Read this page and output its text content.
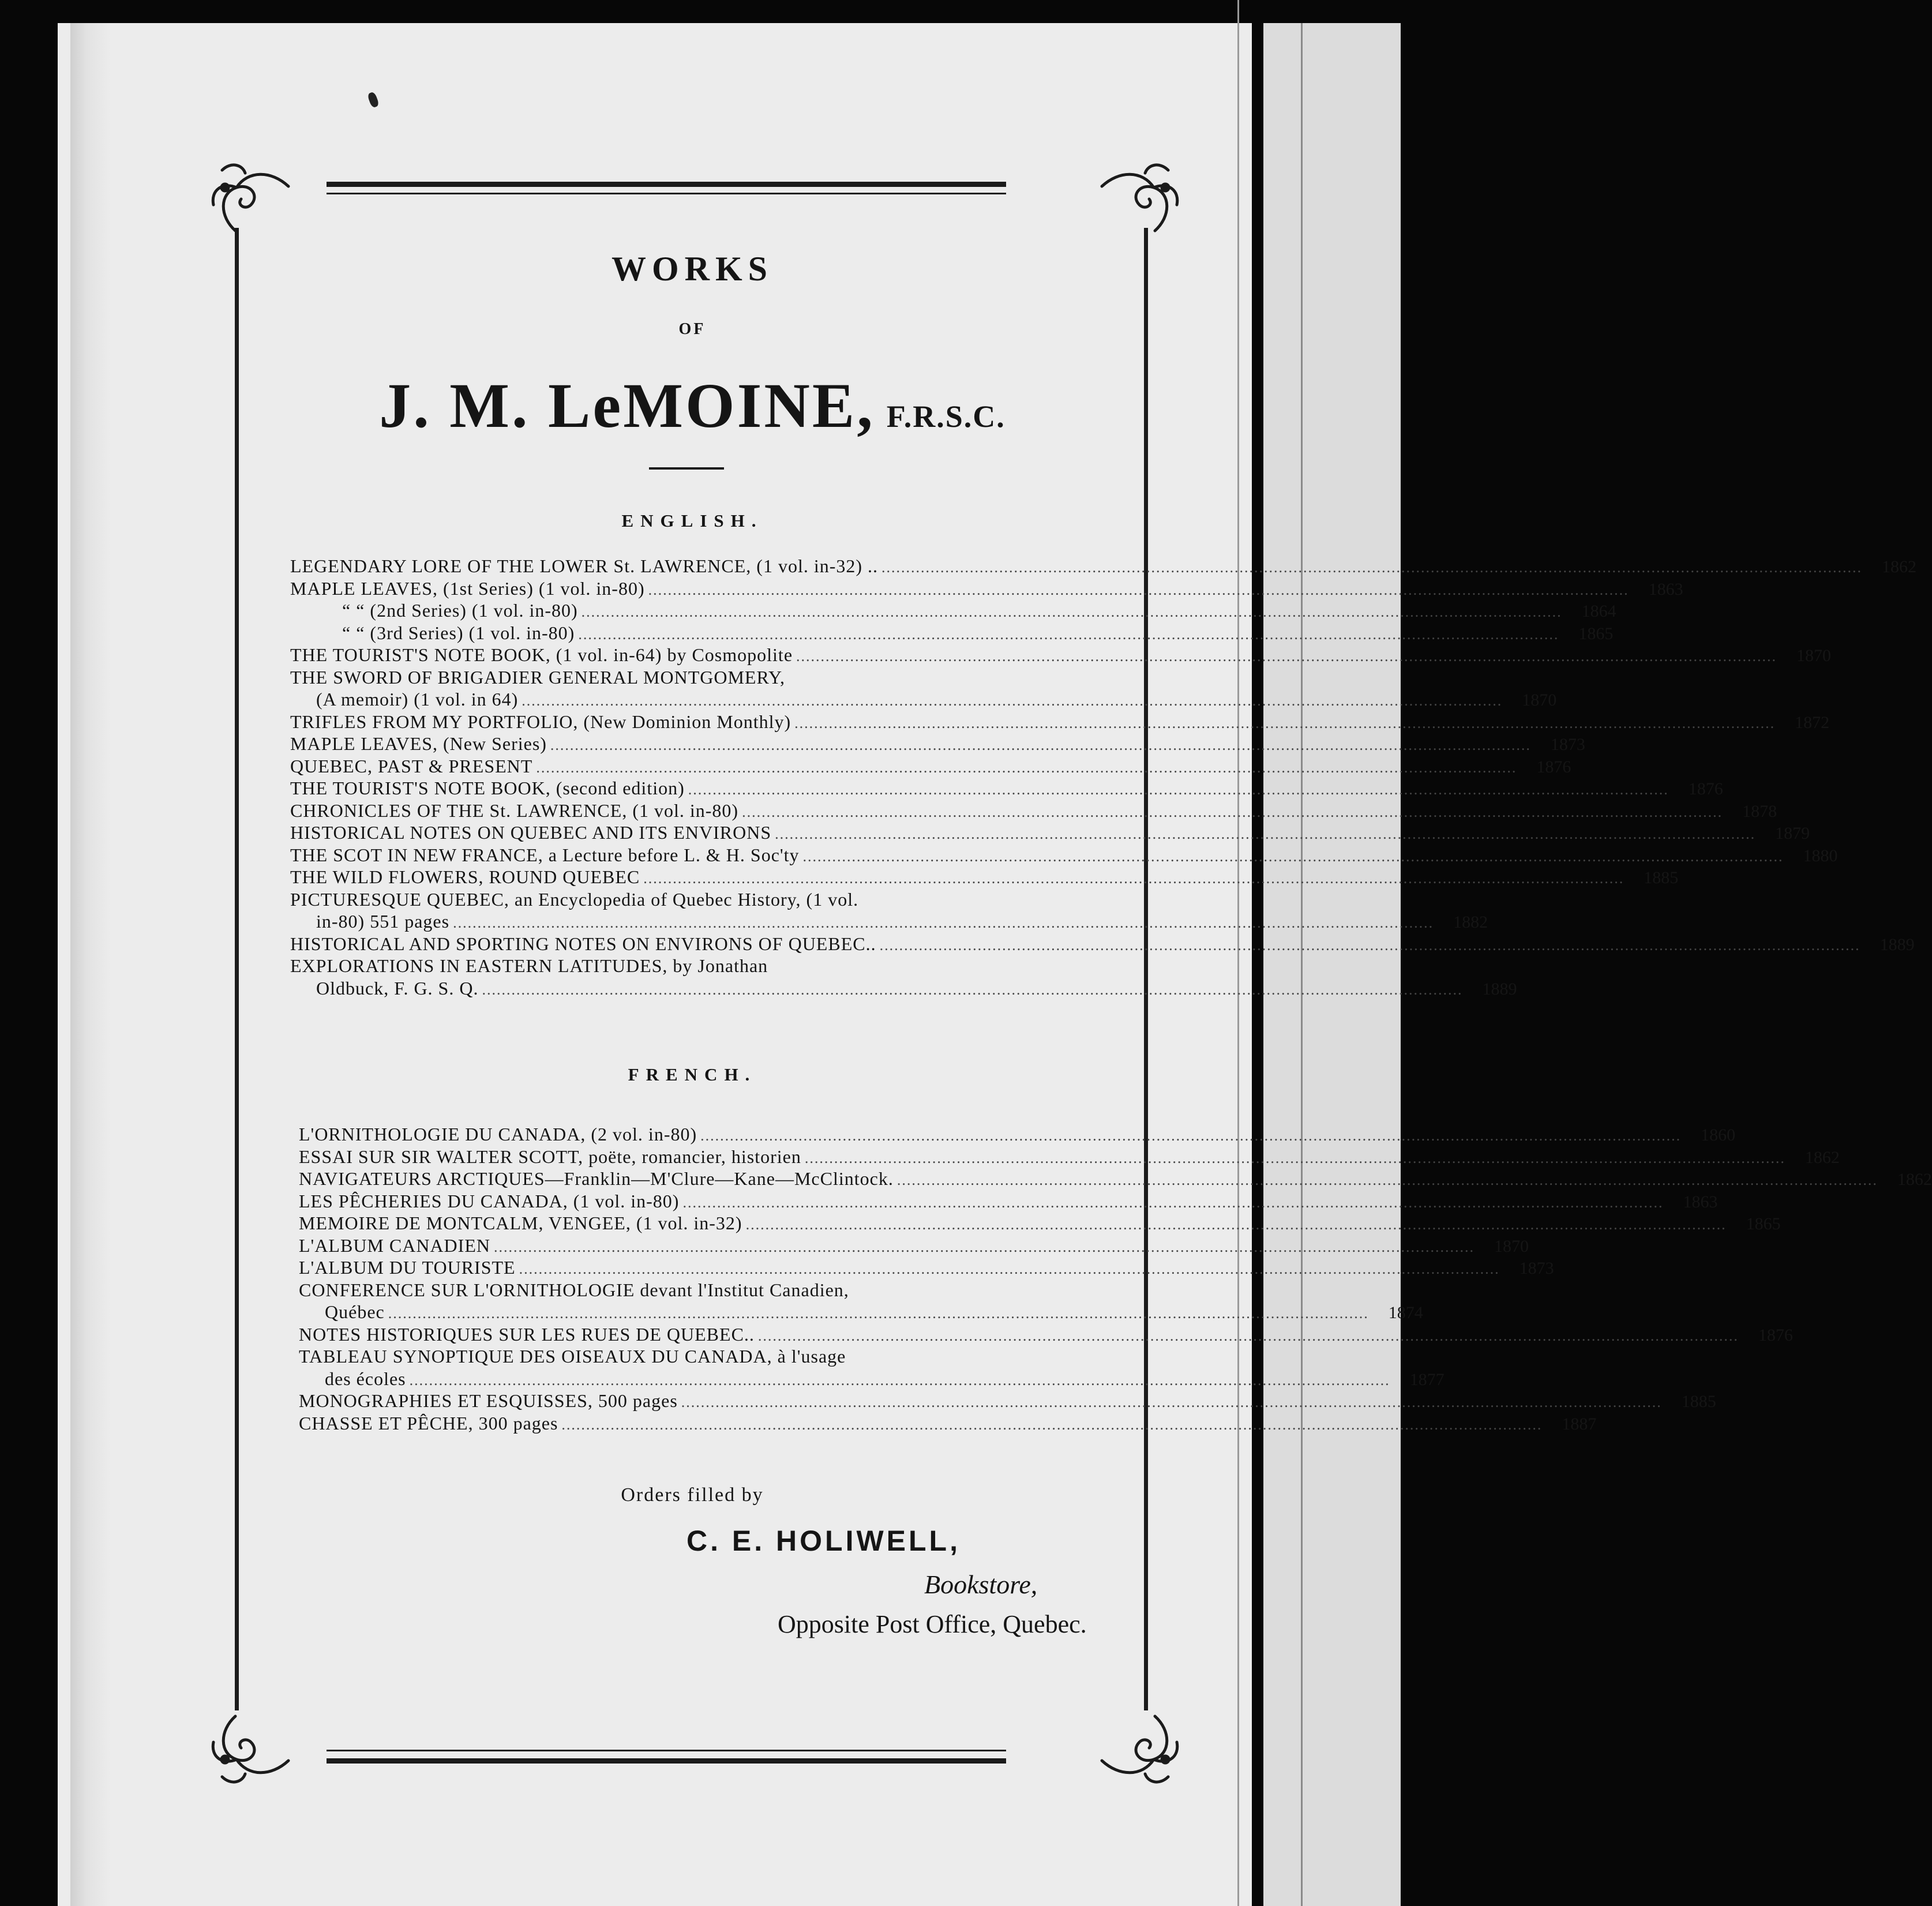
WORKS
OF
J. M. LeMOINE, F.R.S.C.
ENGLISH.
LEGENDARY LORE OF THE LOWER St. LAWRENCE, (1 vol. in-32) .. ........................................................................................................................................................................................................	1862
MAPLE LEAVES, (1st Series) (1 vol. in-80) ........................................................................................................................................................................................................	1863
“ “ (2nd Series) (1 vol. in-80) ........................................................................................................................................................................................................	1864
“ “ (3rd Series) (1 vol. in-80) ........................................................................................................................................................................................................	1865
THE TOURIST'S NOTE BOOK, (1 vol. in-64) by Cosmopolite ........................................................................................................................................................................................................	1870
THE SWORD OF BRIGADIER GENERAL MONTGOMERY,
(A memoir) (1 vol. in 64) ........................................................................................................................................................................................................	1870
TRIFLES FROM MY PORTFOLIO, (New Dominion Monthly) ........................................................................................................................................................................................................	1872
MAPLE LEAVES, (New Series) ........................................................................................................................................................................................................	1873
QUEBEC, PAST & PRESENT ........................................................................................................................................................................................................	1876
THE TOURIST'S NOTE BOOK, (second edition) ........................................................................................................................................................................................................	1876
CHRONICLES OF THE St. LAWRENCE, (1 vol. in-80) ........................................................................................................................................................................................................	1878
HISTORICAL NOTES ON QUEBEC AND ITS ENVIRONS ........................................................................................................................................................................................................	1879
THE SCOT IN NEW FRANCE, a Lecture before L. & H. Soc'ty ........................................................................................................................................................................................................	1880
THE WILD FLOWERS, ROUND QUEBEC ........................................................................................................................................................................................................	1885
PICTURESQUE QUEBEC, an Encyclopedia of Quebec History, (1 vol.
in-80) 551 pages ........................................................................................................................................................................................................	1882
HISTORICAL AND SPORTING NOTES ON ENVIRONS OF QUEBEC.. ........................................................................................................................................................................................................	1889
EXPLORATIONS IN EASTERN LATITUDES, by Jonathan
Oldbuck, F. G. S. Q. ........................................................................................................................................................................................................	1889
FRENCH.
L'ORNITHOLOGIE DU CANADA, (2 vol. in-80) ........................................................................................................................................................................................................	1860
ESSAI SUR SIR WALTER SCOTT, poëte, romancier, historien ........................................................................................................................................................................................................	1862
NAVIGATEURS ARCTIQUES—Franklin—M'Clure—Kane—McClintock. ........................................................................................................................................................................................................	1862
LES PÊCHERIES DU CANADA, (1 vol. in-80) ........................................................................................................................................................................................................	1863
MEMOIRE DE MONTCALM, VENGEE, (1 vol. in-32) ........................................................................................................................................................................................................	1865
L'ALBUM CANADIEN ........................................................................................................................................................................................................	1870
L'ALBUM DU TOURISTE ........................................................................................................................................................................................................	1873
CONFERENCE SUR L'ORNITHOLOGIE devant l'Institut Canadien,
Québec ........................................................................................................................................................................................................	1874
NOTES HISTORIQUES SUR LES RUES DE QUEBEC.. ........................................................................................................................................................................................................	1876
TABLEAU SYNOPTIQUE DES OISEAUX DU CANADA, à l'usage
des écoles ........................................................................................................................................................................................................	1877
MONOGRAPHIES ET ESQUISSES, 500 pages ........................................................................................................................................................................................................	1885
CHASSE ET PÊCHE, 300 pages ........................................................................................................................................................................................................	1887
Orders filled by
C. E. HOLIWELL,
Bookstore,
Opposite Post Office, Quebec.
